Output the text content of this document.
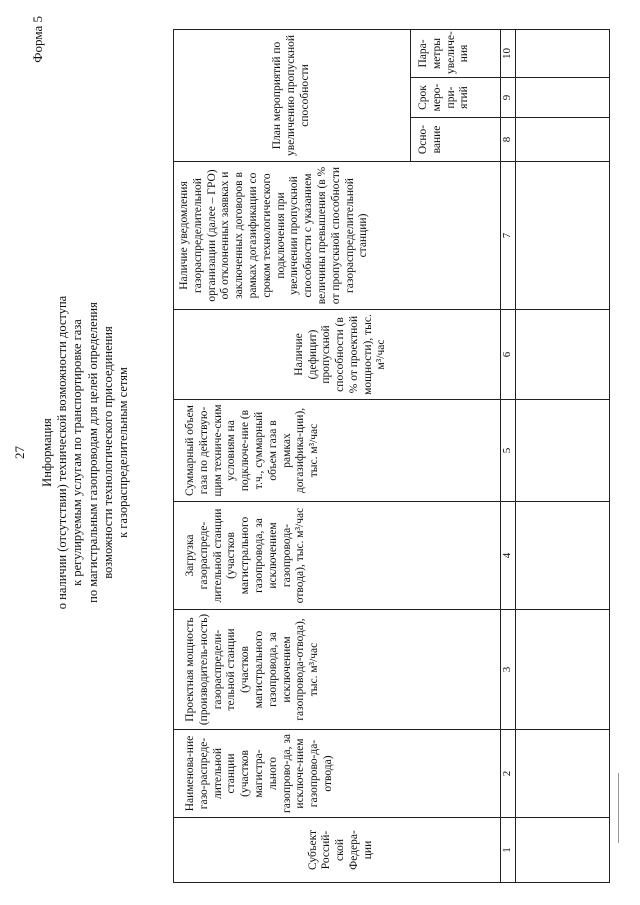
27
Форма 5
Информация о наличии (отсутствии) технической возможности доступа к регулируемым услугам по транспортировке газа по магистральным газопроводам для целей определения возможности технологического присоединения к газораспределительным сетям
Субъект Россий-ской Федера-ции	Наименова-ние газо-распреде-лительной станции (участков магистра-льного газопрово-да, за исключе-нием газопрово-да-отвода)	Проектная мощность (производитель-ность) газораспредели-тельной станции (участков магистрального газопровода, за исключением газопровода-отвода), тыс. м³/час	Загрузка газораспреде-лительной станции (участков магистрального газопровода, за исключением газопровода-отвода), тыс. м³/час	Суммарный объем газа по действую-щим техниче-ским условиям на подключе-ние (в т.ч., суммарный объем газа в рамках догазифика-ции), тыс. м³/час	Наличие (дефицит) пропускной способности (в % от проектной мощности), тыс. м³/час	Наличие уведомления газораспределительной организации (далее – ГРО) об отклоненных заявках и заключенных договоров в рамках догазификации со сроком технологического подключения при увеличении пропускной способности с указанием величины превышения (в % от пропускной способности газораспределительной станции)	План мероприятий по увеличению пропускной способности		
							Осно-вание	Срок меро-при-ятий	Пара-метры увеличе-ния
1	2	3	4	5	6	7	8	9	10
